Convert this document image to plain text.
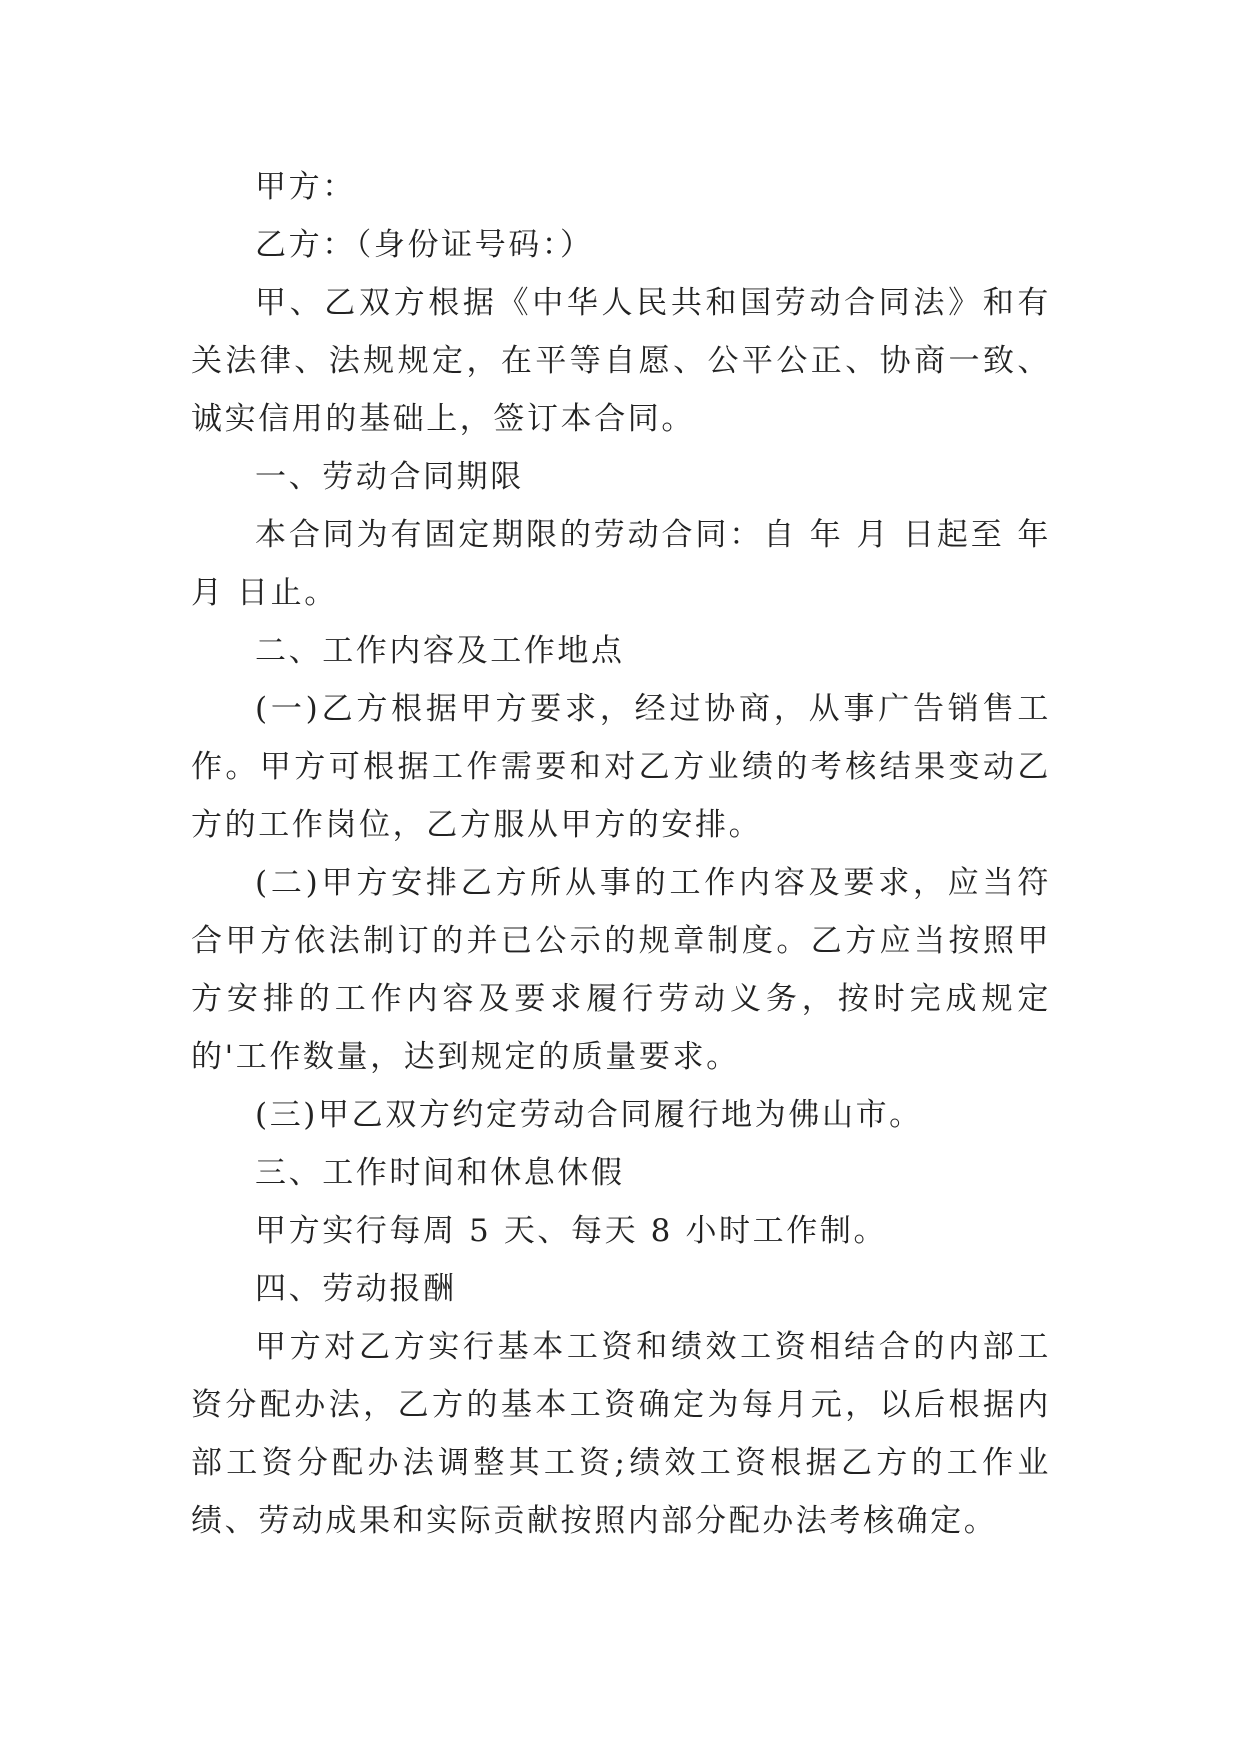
甲方：

乙方：（身份证号码：）

甲、乙双方根据《中华人民共和国劳动合同法》和有关法律、法规规定，在平等自愿、公平公正、协商一致、诚实信用的基础上，签订本合同。

一、劳动合同期限

本合同为有固定期限的劳动合同：自 年 月 日起至 年月 日止。

二、工作内容及工作地点

(一)乙方根据甲方要求，经过协商，从事广告销售工作。甲方可根据工作需要和对乙方业绩的考核结果变动乙方的工作岗位，乙方服从甲方的安排。

(二)甲方安排乙方所从事的工作内容及要求，应当符合甲方依法制订的并已公示的规章制度。乙方应当按照甲方安排的工作内容及要求履行劳动义务，按时完成规定的'工作数量，达到规定的质量要求。

(三)甲乙双方约定劳动合同履行地为佛山市。

三、工作时间和休息休假

甲方实行每周 5 天、每天 8 小时工作制。

四、劳动报酬

甲方对乙方实行基本工资和绩效工资相结合的内部工资分配办法，乙方的基本工资确定为每月元，以后根据内部工资分配办法调整其工资;绩效工资根据乙方的工作业绩、劳动成果和实际贡献按照内部分配办法考核确定。
